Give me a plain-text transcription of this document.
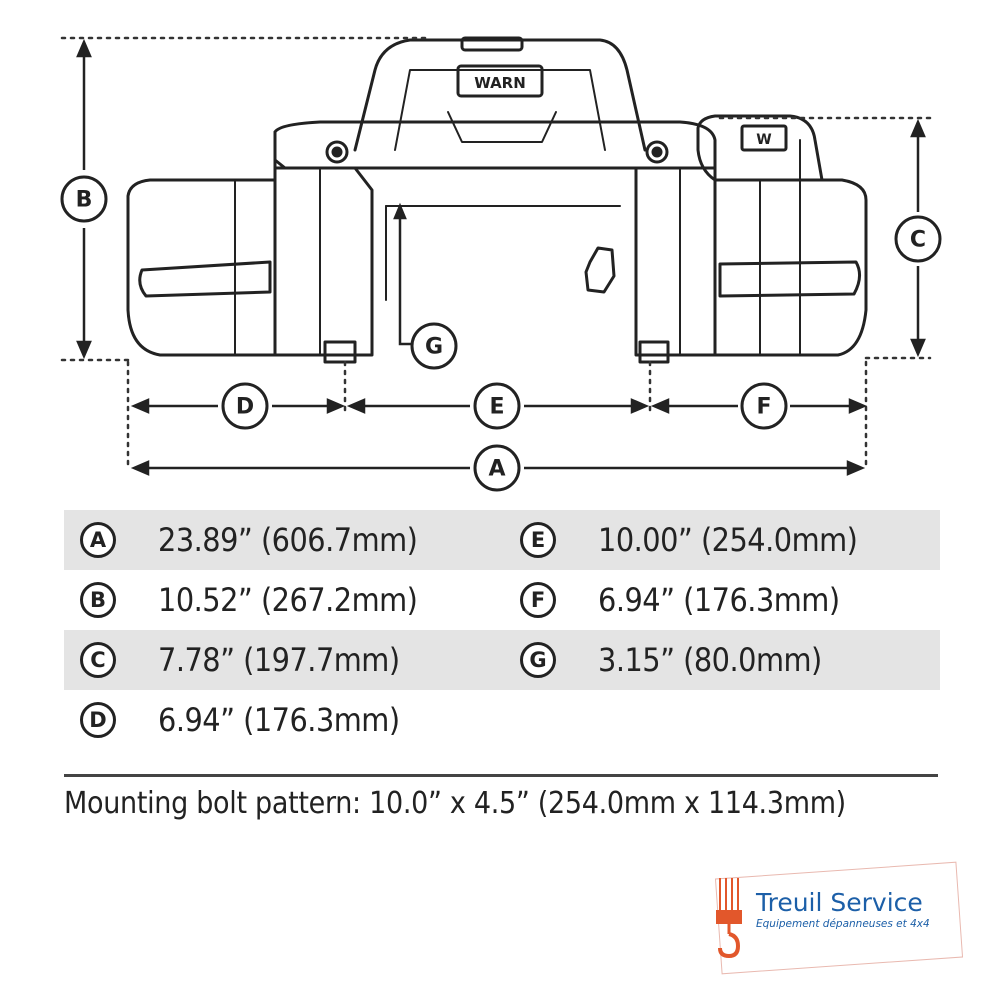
WARN
W
B
C
G
D	E	F
A
A	23.89” (606.7mm)	E	10.00” (254.0mm)
B	10.52” (267.2mm)	F	6.94” (176.3mm)
C	7.78” (197.7mm)	G 3.15” (80.0mm)
D 6.94” (176.3mm)
Mounting bolt pattern: 10.0” x 4.5” (254.0mm x 114.3mm)
Treuil Service
Equipement dépanneuses et 4x4
